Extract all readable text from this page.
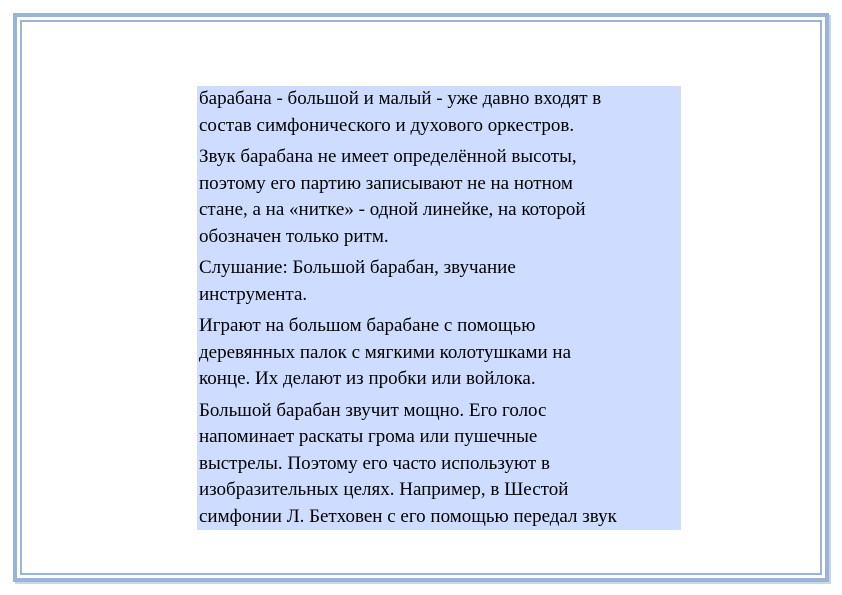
барабана - большой и малый - уже давно входят в
состав симфонического и духового оркестров.

Звук барабана не имеет определённой высоты,
поэтому его партию записывают не на нотном
стане, а на «нитке» - одной линейке, на которой
обозначен только ритм.

Слушание: Большой барабан, звучание
инструмента.

Играют на большом барабане с помощью
деревянных палок с мягкими колотушками на
конце. Их делают из пробки или войлока.

Большой барабан звучит мощно. Его голос
напоминает раскаты грома или пушечные
выстрелы. Поэтому его часто используют в
изобразительных целях. Например, в Шестой
симфонии Л. Бетховен с его помощью передал звук
